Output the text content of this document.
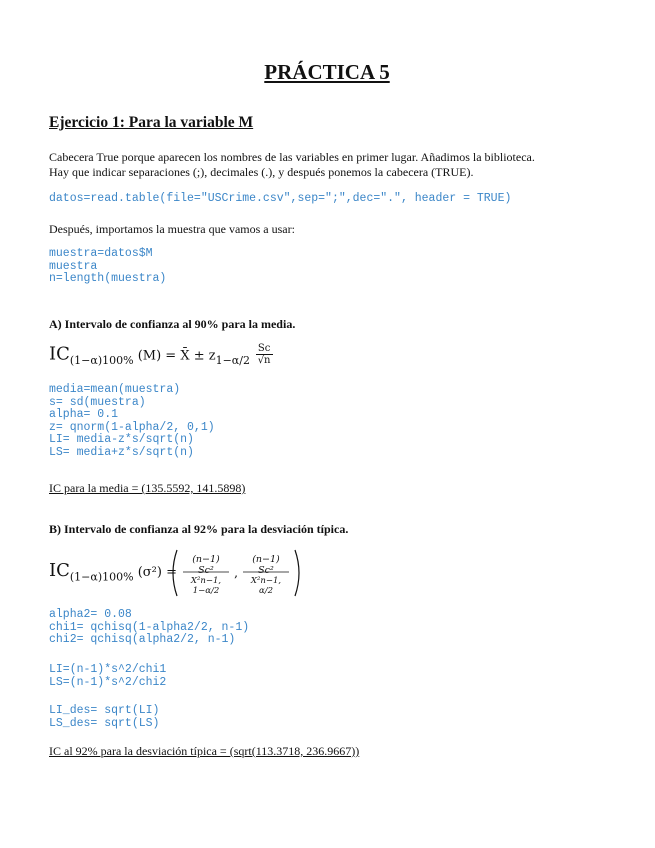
PRÁCTICA 5
Ejercicio 1: Para la variable M
Cabecera True porque aparecen los nombres de las variables en primer lugar. Añadimos la biblioteca.
Hay que indicar separaciones (;), decimales (.), y después ponemos la cabecera (TRUE).
datos=read.table(file="USCrime.csv",sep=";",dec=".", header = TRUE)
Después, importamos la muestra que vamos a usar:
muestra=datos$M
muestra
n=length(muestra)
A) Intervalo de confianza al 90% para la media.
$IC_{(1-\alpha)100\%}$ (M) = X̄ ± $z_{1-\alpha/2} \frac{Sc}{√n}$
media=mean(muestra)
s= sd(muestra)
alpha= 0.1
z= qnorm(1-alpha/2, 0,1)
LI= media-z*s/sqrt(n)
LS= media+z*s/sqrt(n)
IC para la media = (135.5592, 141.5898)
B) Intervalo de confianza al 92% para la desviación típica.
$IC_{(1-\alpha)100\%}$ (σ²) =	,
(n−1) Sc²
X²n−1, 1−α/2
(n−1) Sc²
X²n−1, α/2
alpha2= 0.08
chi1= qchisq(1-alpha2/2, n-1)
chi2= qchisq(alpha2/2, n-1)
LI=(n-1)*s^2/chi1
LS=(n-1)*s^2/chi2
LI_des= sqrt(LI)
LS_des= sqrt(LS)
IC al 92% para la desviación típica = (sqrt(113.3718, 236.9667))
